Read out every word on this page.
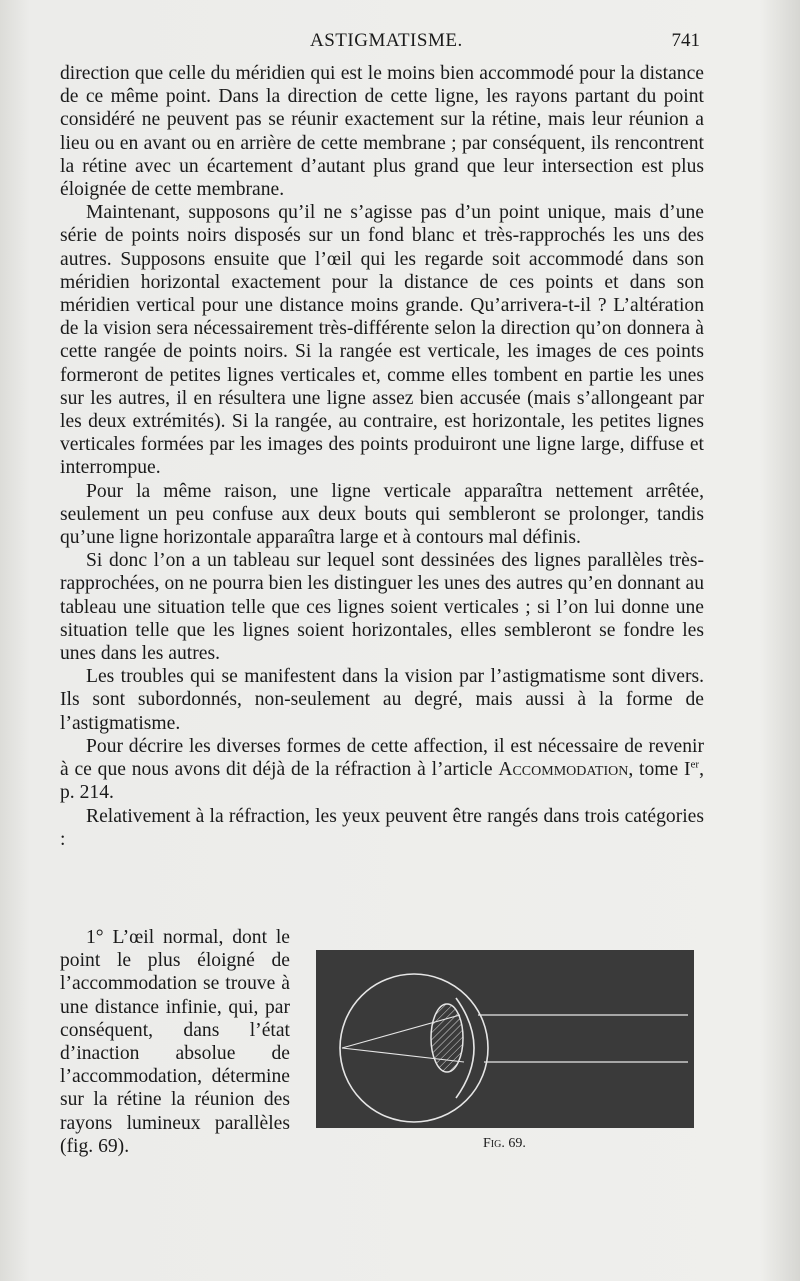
ASTIGMATISME.	741

direction que celle du méridien qui est le moins bien accommodé pour la distance de ce même point. Dans la direction de cette ligne, les rayons partant du point considéré ne peuvent pas se réunir exactement sur la rétine, mais leur réunion a lieu ou en avant ou en arrière de cette membrane ; par conséquent, ils rencontrent la rétine avec un écartement d’autant plus grand que leur intersection est plus éloignée de cette membrane.

Maintenant, supposons qu’il ne s’agisse pas d’un point unique, mais d’une série de points noirs disposés sur un fond blanc et très-rapprochés les uns des autres. Supposons ensuite que l’œil qui les regarde soit accommodé dans son méridien horizontal exactement pour la distance de ces points et dans son méridien vertical pour une distance moins grande. Qu’arrivera-t-il ? L’altération de la vision sera nécessairement très-différente selon la direction qu’on donnera à cette rangée de points noirs. Si la rangée est verticale, les images de ces points formeront de petites lignes verticales et, comme elles tombent en partie les unes sur les autres, il en résultera une ligne assez bien accusée (mais s’allongeant par les deux extrémités). Si la rangée, au contraire, est horizontale, les petites lignes verticales formées par les images des points produiront une ligne large, diffuse et interrompue.

Pour la même raison, une ligne verticale apparaîtra nettement arrêtée, seulement un peu confuse aux deux bouts qui sembleront se prolonger, tandis qu’une ligne horizontale apparaîtra large et à contours mal définis.

Si donc l’on a un tableau sur lequel sont dessinées des lignes parallèles très-rapprochées, on ne pourra bien les distinguer les unes des autres qu’en donnant au tableau une situation telle que ces lignes soient verticales ; si l’on lui donne une situation telle que les lignes soient horizontales, elles sembleront se fondre les unes dans les autres.

Les troubles qui se manifestent dans la vision par l’astigmatisme sont divers. Ils sont subordonnés, non-seulement au degré, mais aussi à la forme de l’astigmatisme.

Pour décrire les diverses formes de cette affection, il est nécessaire de revenir à ce que nous avons dit déjà de la réfraction à l’article Accommodation, tome Ier, p. 214.

Relativement à la réfraction, les yeux peuvent être rangés dans trois catégories :

1° L’œil normal, dont le point le plus éloigné de l’accommodation se trouve à une distance infinie, qui, par conséquent, dans l’état d’inaction absolue de l’accommodation, détermine sur la rétine la réunion des rayons lumineux parallèles (fig. 69).	Fig. 69.
